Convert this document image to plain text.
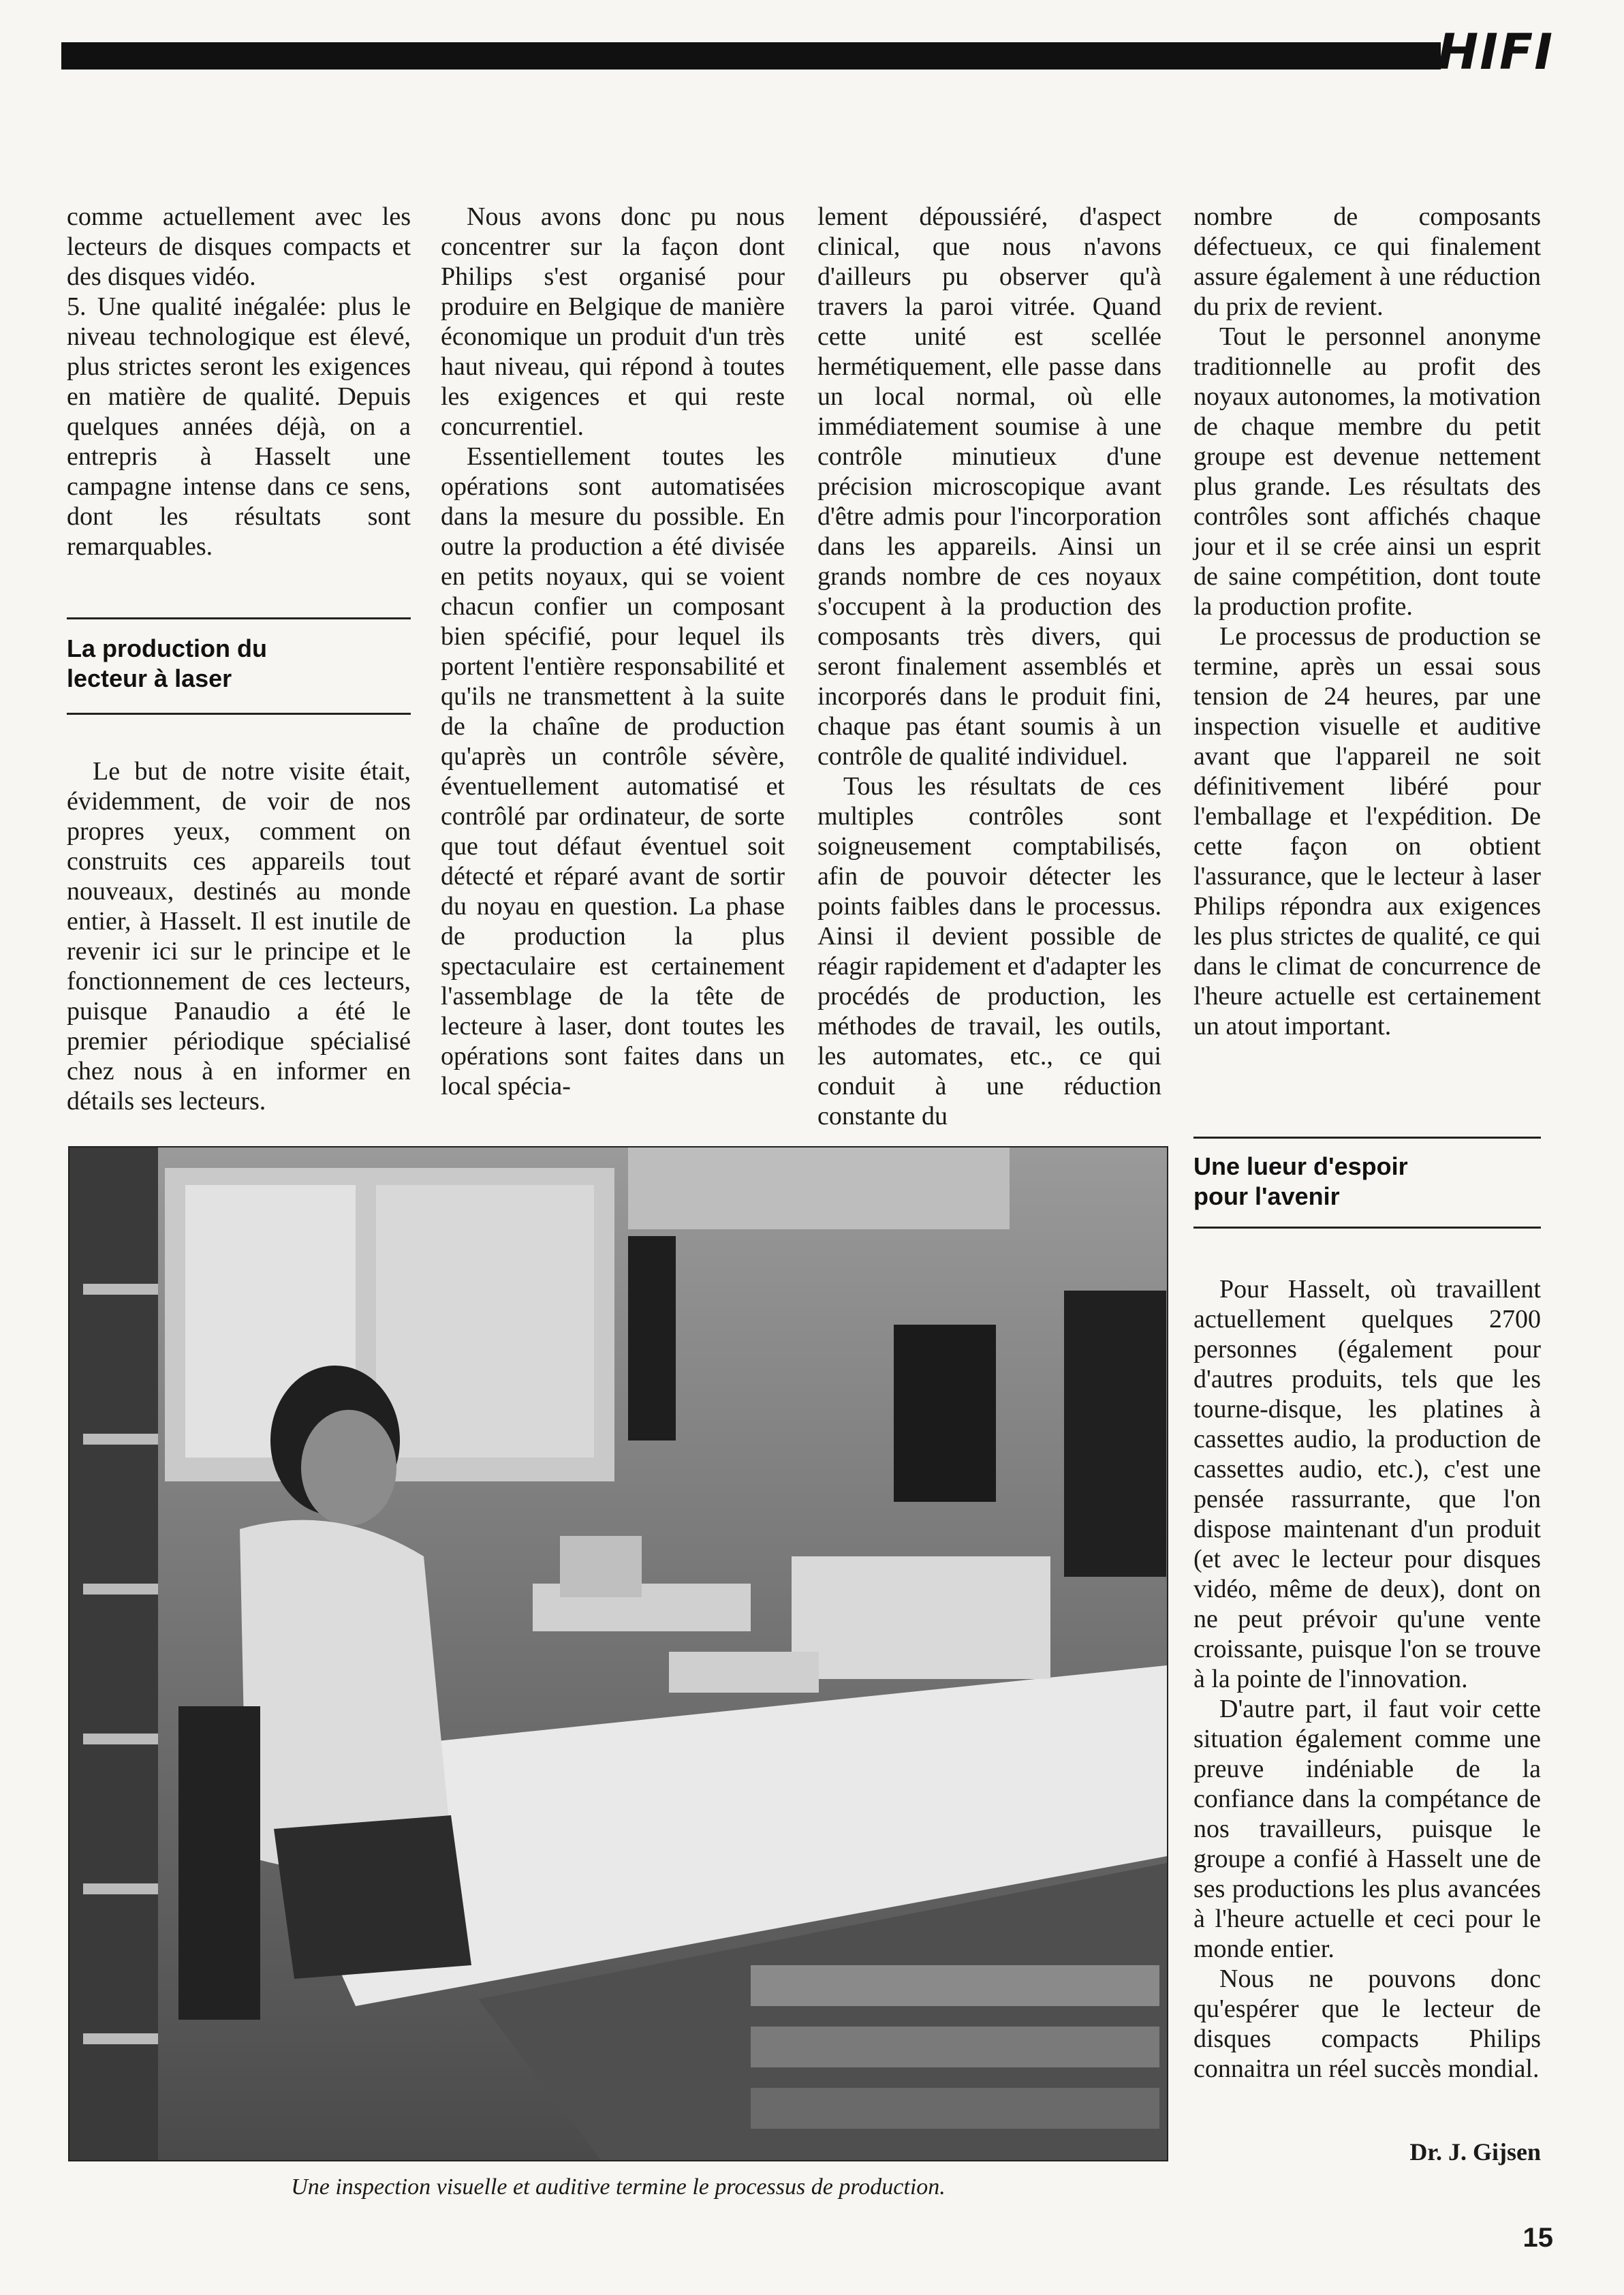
HIFI

comme actuellement avec les lecteurs de disques compacts et des disques vidéo.

5. Une qualité inégalée: plus le niveau technologique est élevé, plus strictes seront les exigences en matière de qualité. Depuis quelques années déjà, on a entrepris à Hasselt une campagne intense dans ce sens, dont les résultats sont remarquables.

La production du lecteur à laser

Le but de notre visite était, évidemment, de voir de nos propres yeux, comment on construits ces appareils tout nouveaux, destinés au monde entier, à Hasselt. Il est inutile de revenir ici sur le principe et le fonctionnement de ces lecteurs, puisque Panaudio a été le premier périodique spécialisé chez nous à en informer en détails ses lecteurs.

Nous avons donc pu nous concentrer sur la façon dont Philips s'est organisé pour produire en Belgique de manière économique un produit d'un très haut niveau, qui répond à toutes les exigences et qui reste concurrentiel.

Essentiellement toutes les opérations sont automatisées dans la mesure du possible. En outre la production a été divisée en petits noyaux, qui se voient chacun confier un composant bien spécifié, pour lequel ils portent l'entière responsabilité et qu'ils ne transmettent à la suite de la chaîne de production qu'après un contrôle sévère, éventuellement automatisé et contrôlé par ordinateur, de sorte que tout défaut éventuel soit détecté et réparé avant de sortir du noyau en question. La phase de production la plus spectaculaire est certainement l'assemblage de la tête de lecteure à laser, dont toutes les opérations sont faites dans un local spécia-

lement dépoussiéré, d'aspect clinical, que nous n'avons d'ailleurs pu observer qu'à travers la paroi vitrée. Quand cette unité est scellée hermétiquement, elle passe dans un local normal, où elle immédiatement soumise à une contrôle minutieux d'une précision microscopique avant d'être admis pour l'incorporation dans les appareils. Ainsi un grands nombre de ces noyaux s'occupent à la production des composants très divers, qui seront finalement assemblés et incorporés dans le produit fini, chaque pas étant soumis à un contrôle de qualité individuel.

Tous les résultats de ces multiples contrôles sont soigneusement comptabilisés, afin de pouvoir détecter les points faibles dans le processus. Ainsi il devient possible de réagir rapidement et d'adapter les procédés de production, les méthodes de travail, les outils, les automates, etc., ce qui conduit à une réduction constante du

nombre de composants défectueux, ce qui finalement assure également à une réduction du prix de revient.

Tout le personnel anonyme traditionnelle au profit des noyaux autonomes, la motivation de chaque membre du petit groupe est devenue nettement plus grande. Les résultats des contrôles sont affichés chaque jour et il se crée ainsi un esprit de saine compétition, dont toute la production profite.

Le processus de production se termine, après un essai sous tension de 24 heures, par une inspection visuelle et auditive avant que l'appareil ne soit définitivement libéré pour l'emballage et l'expédition. De cette façon on obtient l'assurance, que le lecteur à laser Philips répondra aux exigences les plus strictes de qualité, ce qui dans le climat de concurrence de l'heure actuelle est certainement un atout important.

Une lueur d'espoir pour l'avenir

Pour Hasselt, où travaillent actuellement quelques 2700 personnes (également pour d'autres produits, tels que les tourne-disque, les platines à cassettes audio, la production de cassettes audio, etc.), c'est une pensée rassurrante, que l'on dispose maintenant d'un produit (et avec le lecteur pour disques vidéo, même de deux), dont on ne peut prévoir qu'une vente croissante, puisque l'on se trouve à la pointe de l'innovation.

D'autre part, il faut voir cette situation également comme une preuve indéniable de la confiance dans la compétance de nos travailleurs, puisque le groupe a confié à Hasselt une de ses productions les plus avancées à l'heure actuelle et ceci pour le monde entier.

Nous ne pouvons donc qu'espérer que le lecteur de disques compacts Philips connaitra un réel succès mondial.

Dr. J. Gijsen
Une inspection visuelle et auditive termine le processus de production.
15
